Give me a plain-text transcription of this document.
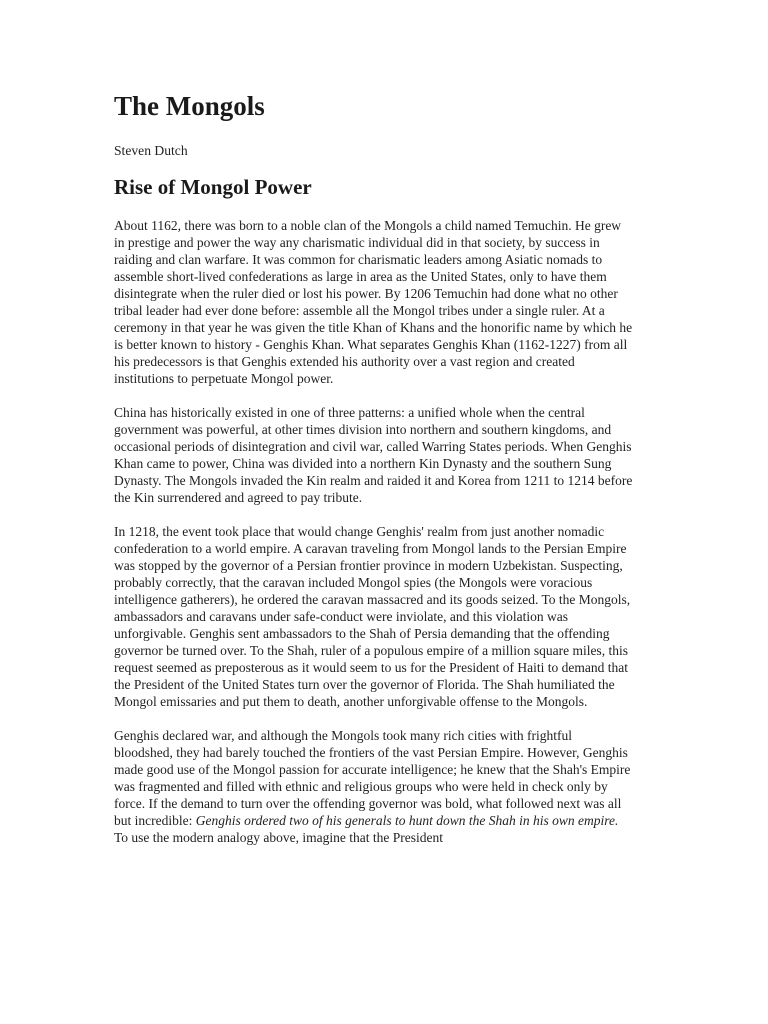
The Mongols
Steven Dutch
Rise of Mongol Power

About 1162, there was born to a noble clan of the Mongols a child named Temuchin. He grew in prestige and power the way any charismatic individual did in that society, by success in raiding and clan warfare. It was common for charismatic leaders among Asiatic nomads to assemble short-lived confederations as large in area as the United States, only to have them disintegrate when the ruler died or lost his power. By 1206 Temuchin had done what no other tribal leader had ever done before: assemble all the Mongol tribes under a single ruler. At a ceremony in that year he was given the title Khan of Khans and the honorific name by which he is better known to history - Genghis Khan. What separates Genghis Khan (1162-1227) from all his predecessors is that Genghis extended his authority over a vast region and created institutions to perpetuate Mongol power.

China has historically existed in one of three patterns: a unified whole when the central government was powerful, at other times division into northern and southern kingdoms, and occasional periods of disintegration and civil war, called Warring States periods. When Genghis Khan came to power, China was divided into a northern Kin Dynasty and the southern Sung Dynasty. The Mongols invaded the Kin realm and raided it and Korea from 1211 to 1214 before the Kin surrendered and agreed to pay tribute.

In 1218, the event took place that would change Genghis' realm from just another nomadic confederation to a world empire. A caravan traveling from Mongol lands to the Persian Empire was stopped by the governor of a Persian frontier province in modern Uzbekistan. Suspecting, probably correctly, that the caravan included Mongol spies (the Mongols were voracious intelligence gatherers), he ordered the caravan massacred and its goods seized. To the Mongols, ambassadors and caravans under safe-conduct were inviolate, and this violation was unforgivable. Genghis sent ambassadors to the Shah of Persia demanding that the offending governor be turned over. To the Shah, ruler of a populous empire of a million square miles, this request seemed as preposterous as it would seem to us for the President of Haiti to demand that the President of the United States turn over the governor of Florida. The Shah humiliated the Mongol emissaries and put them to death, another unforgivable offense to the Mongols.

Genghis declared war, and although the Mongols took many rich cities with frightful bloodshed, they had barely touched the frontiers of the vast Persian Empire. However, Genghis made good use of the Mongol passion for accurate intelligence; he knew that the Shah's Empire was fragmented and filled with ethnic and religious groups who were held in check only by force. If the demand to turn over the offending governor was bold, what followed next was all but incredible: Genghis ordered two of his generals to hunt down the Shah in his own empire. To use the modern analogy above, imagine that the President
